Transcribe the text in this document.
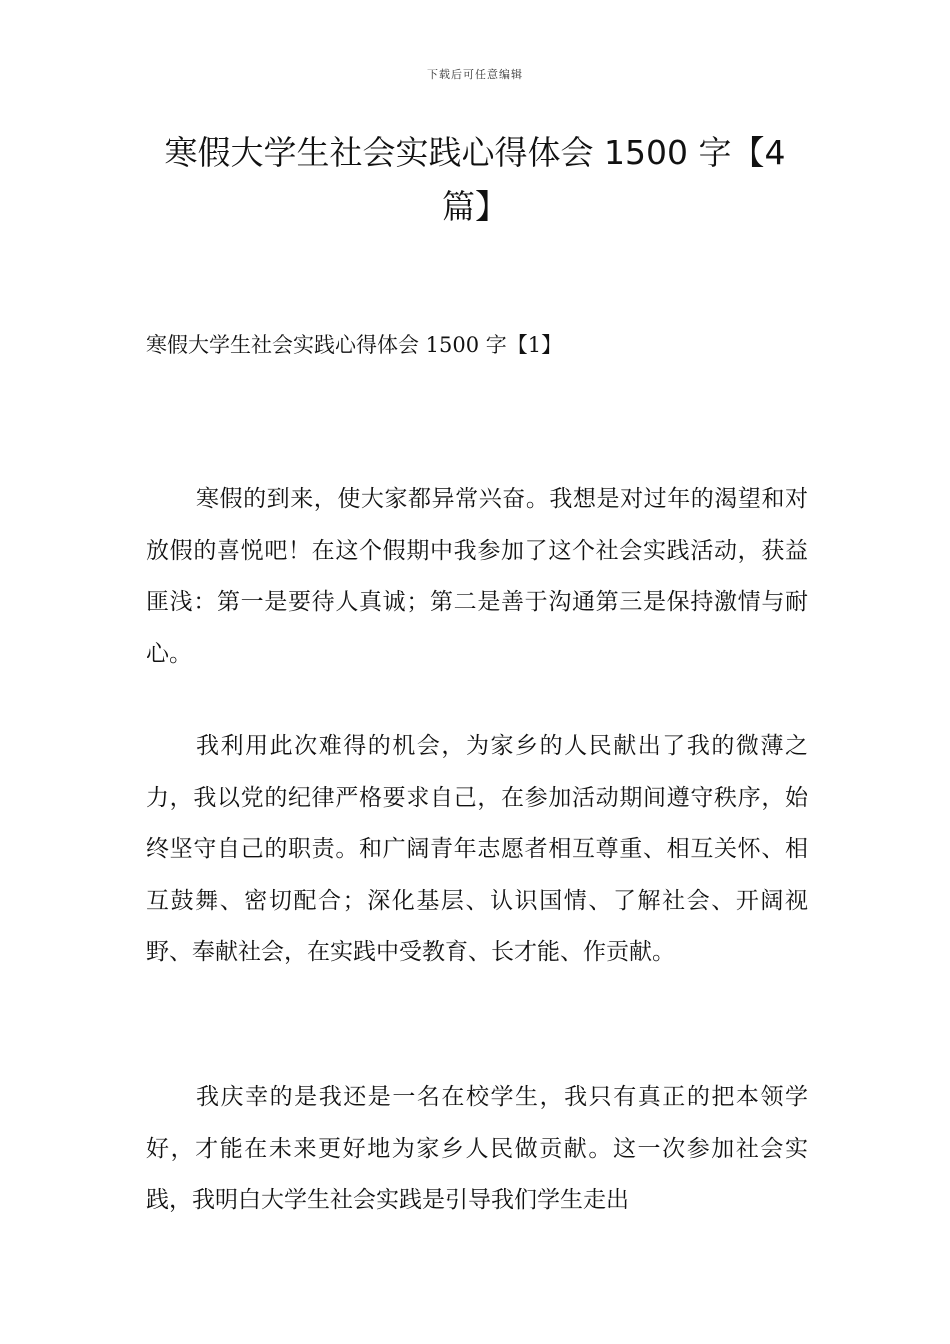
下载后可任意编辑
寒假大学生社会实践心得体会 1500 字【4 篇】
寒假大学生社会实践心得体会 1500 字【1】

寒假的到来，使大家都异常兴奋。我想是对过年的渴望和对放假的喜悦吧！在这个假期中我参加了这个社会实践活动，获益匪浅：第一是要待人真诚；第二是善于沟通第三是保持激情与耐心。

我利用此次难得的机会，为家乡的人民献出了我的微薄之力，我以党的纪律严格要求自己，在参加活动期间遵守秩序，始终坚守自己的职责。和广阔青年志愿者相互尊重、相互关怀、相互鼓舞、密切配合；深化基层、认识国情、了解社会、开阔视野、奉献社会，在实践中受教育、长才能、作贡献。

我庆幸的是我还是一名在校学生，我只有真正的把本领学好，才能在未来更好地为家乡人民做贡献。这一次参加社会实践，我明白大学生社会实践是引导我们学生走出
